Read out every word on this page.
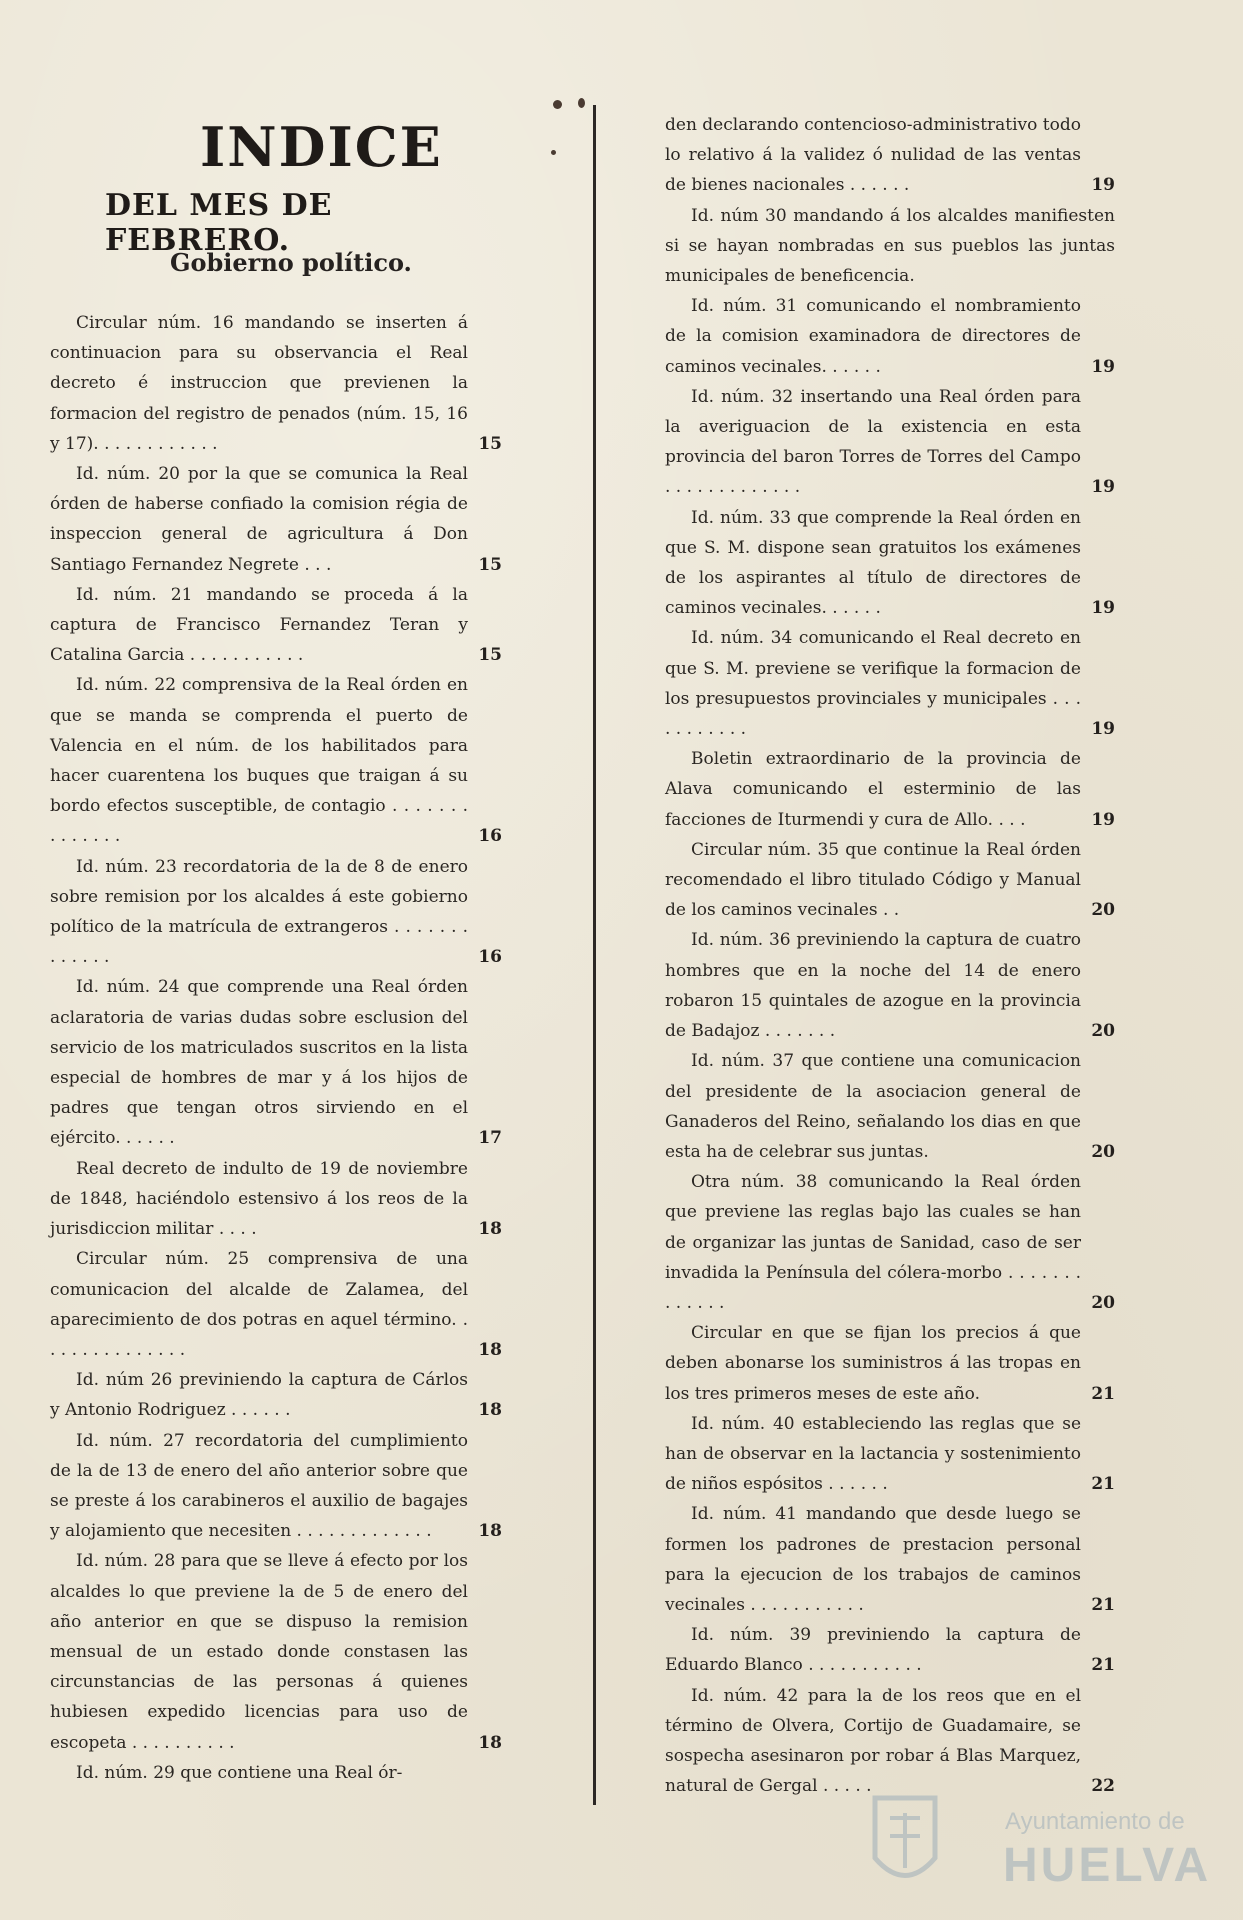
INDICE
DEL MES DE FEBRERO.
Gobierno político.
Circular núm. 16 mandando se inserten á continuacion para su observancia el Real decreto é instruccion que previenen la formacion del registro de penados (núm. 15, 16 y 17). . . . . . . . . . . .	15
Id. núm. 20 por la que se comunica la Real órden de haberse confiado la comision régia de inspeccion general de agricultura á Don Santiago Fernandez Negrete . . .	15
Id. núm. 21 mandando se proceda á la captura de Francisco Fernandez Teran y Catalina Garcia . . . . . . . . . . .	15
Id. núm. 22 comprensiva de la Real órden en que se manda se comprenda el puerto de Valencia en el núm. de los habilitados para hacer cuarentena los buques que traigan á su bordo efectos susceptible, de contagio . . . . . . . . . . . . . .	16
Id. núm. 23 recordatoria de la de 8 de enero sobre remision por los alcaldes á este gobierno político de la matrícula de extrangeros . . . . . . . . . . . . .	16
Id. núm. 24 que comprende una Real órden aclaratoria de varias dudas sobre esclusion del servicio de los matriculados suscritos en la lista especial de hombres de mar y á los hijos de padres que tengan otros sirviendo en el ejército. . . . . .	17
Real decreto de indulto de 19 de noviembre de 1848, haciéndolo estensivo á los reos de la jurisdiccion militar . . . .	18
Circular núm. 25 comprensiva de una comunicacion del alcalde de Zalamea, del aparecimiento de dos potras en aquel término. . . . . . . . . . . . . . .	18
Id. núm 26 previniendo la captura de Cárlos y Antonio Rodriguez . . . . . .	18
Id. núm. 27 recordatoria del cumplimiento de la de 13 de enero del año anterior sobre que se preste á los carabineros el auxilio de bagajes y alojamiento que necesiten . . . . . . . . . . . . .	18
Id. núm. 28 para que se lleve á efecto por los alcaldes lo que previene la de 5 de enero del año anterior en que se dispuso la remision mensual de un estado donde constasen las circunstancias de las personas á quienes hubiesen expedido licencias para uso de escopeta . . . . . . . . . .	18
Id. núm. 29 que contiene una Real ór-
den declarando contencioso-administrativo todo lo relativo á la validez ó nulidad de las ventas de bienes nacionales . . . . . .	19
Id. núm 30 mandando á los alcaldes manifiesten si se hayan nombradas en sus pueblos las juntas municipales de beneficencia.
Id. núm. 31 comunicando el nombramiento de la comision examinadora de directores de caminos vecinales. . . . . .	19
Id. núm. 32 insertando una Real órden para la averiguacion de la existencia en esta provincia del baron Torres de Torres del Campo . . . . . . . . . . . . .	19
Id. núm. 33 que comprende la Real órden en que S. M. dispone sean gratuitos los exámenes de los aspirantes al título de directores de caminos vecinales. . . . . .	19
Id. núm. 34 comunicando el Real decreto en que S. M. previene se verifique la formacion de los presupuestos provinciales y municipales . . . . . . . . . . .	19
Boletin extraordinario de la provincia de Alava comunicando el esterminio de las facciones de Iturmendi y cura de Allo. . . .	19
Circular núm. 35 que continue la Real órden recomendado el libro titulado Código y Manual de los caminos vecinales . .	20
Id. núm. 36 previniendo la captura de cuatro hombres que en la noche del 14 de enero robaron 15 quintales de azogue en la provincia de Badajoz . . . . . . .	20
Id. núm. 37 que contiene una comunicacion del presidente de la asociacion general de Ganaderos del Reino, señalando los dias en que esta ha de celebrar sus juntas.	20
Otra núm. 38 comunicando la Real órden que previene las reglas bajo las cuales se han de organizar las juntas de Sanidad, caso de ser invadida la Península del cólera-morbo . . . . . . . . . . . . .	20
Circular en que se fijan los precios á que deben abonarse los suministros á las tropas en los tres primeros meses de este año.	21
Id. núm. 40 estableciendo las reglas que se han de observar en la lactancia y sostenimiento de niños espósitos . . . . . .	21
Id. núm. 41 mandando que desde luego se formen los padrones de prestacion personal para la ejecucion de los trabajos de caminos vecinales . . . . . . . . . . .	21
Id. núm. 39 previniendo la captura de Eduardo Blanco . . . . . . . . . . .	21
Id. núm. 42 para la de los reos que en el término de Olvera, Cortijo de Guadamaire, se sospecha asesinaron por robar á Blas Marquez, natural de Gergal . . . . .	22
Ayuntamiento de
HUELVA
